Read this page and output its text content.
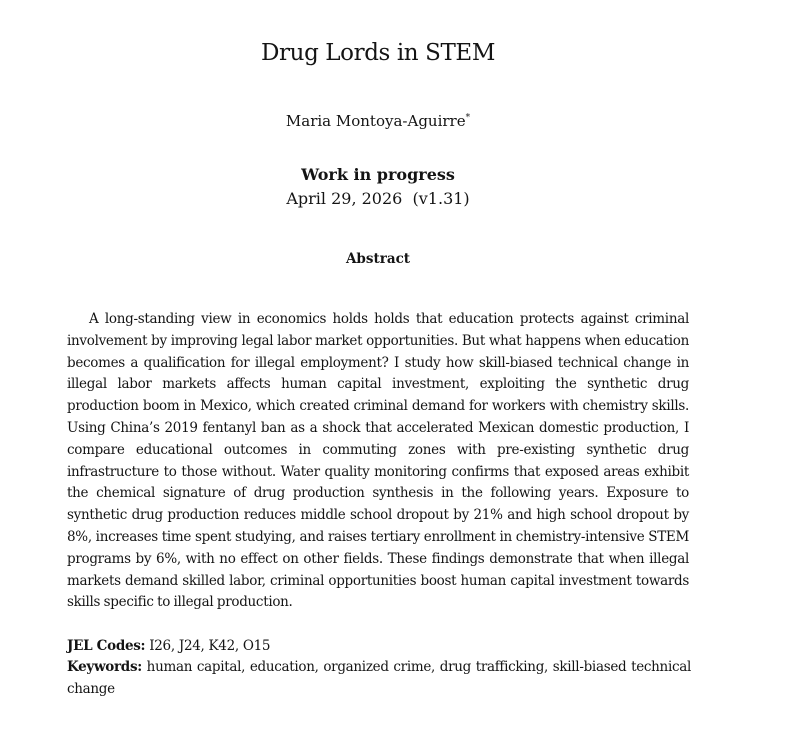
Drug Lords in STEM
Maria Montoya-Aguirre*
Work in progress
April 29, 2026  (v1.31)
Abstract
A long-standing view in economics holds holds that education protects against criminal involvement by improving legal labor market opportunities. But what happens when education becomes a qualification for illegal employment? I study how skill-biased technical change in illegal labor markets affects human capital investment, exploiting the synthetic drug production boom in Mexico, which created criminal demand for workers with chemistry skills. Using China’s 2019 fentanyl ban as a shock that accelerated Mexican domestic production, I compare educational outcomes in commuting zones with pre-existing synthetic drug infrastructure to those without. Water quality monitoring confirms that exposed areas exhibit the chemical signature of drug production synthesis in the following years. Exposure to synthetic drug production reduces middle school dropout by 21% and high school dropout by 8%, increases time spent studying, and raises tertiary enrollment in chemistry-intensive STEM programs by 6%, with no effect on other fields. These findings demonstrate that when illegal markets demand skilled labor, criminal opportunities boost human capital investment towards skills specific to illegal production.
JEL Codes: I26, J24, K42, O15
Keywords: human capital, education, organized crime, drug trafficking, skill-biased technical change
